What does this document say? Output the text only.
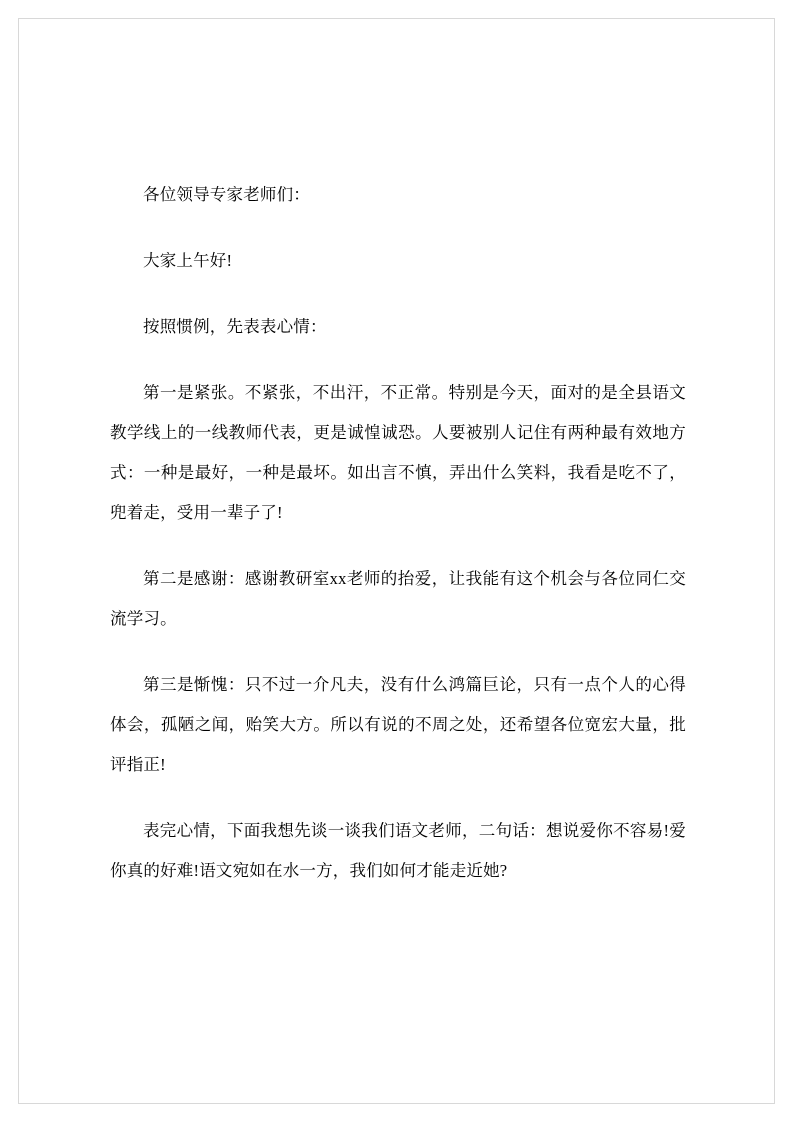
各位领导专家老师们：

大家上午好!

按照惯例，先表表心情：

第一是紧张。不紧张，不出汗，不正常。特别是今天，面对的是全县语文教学线上的一线教师代表，更是诚惶诚恐。人要被别人记住有两种最有效地方式：一种是最好，一种是最坏。如出言不慎，弄出什么笑料，我看是吃不了，兜着走，受用一辈子了!

第二是感谢：感谢教研室xx老师的抬爱，让我能有这个机会与各位同仁交流学习。

第三是惭愧：只不过一介凡夫，没有什么鸿篇巨论，只有一点个人的心得体会，孤陋之闻，贻笑大方。所以有说的不周之处，还希望各位宽宏大量，批评指正!

表完心情，下面我想先谈一谈我们语文老师，二句话：想说爱你不容易!爱你真的好难!语文宛如在水一方，我们如何才能走近她?
